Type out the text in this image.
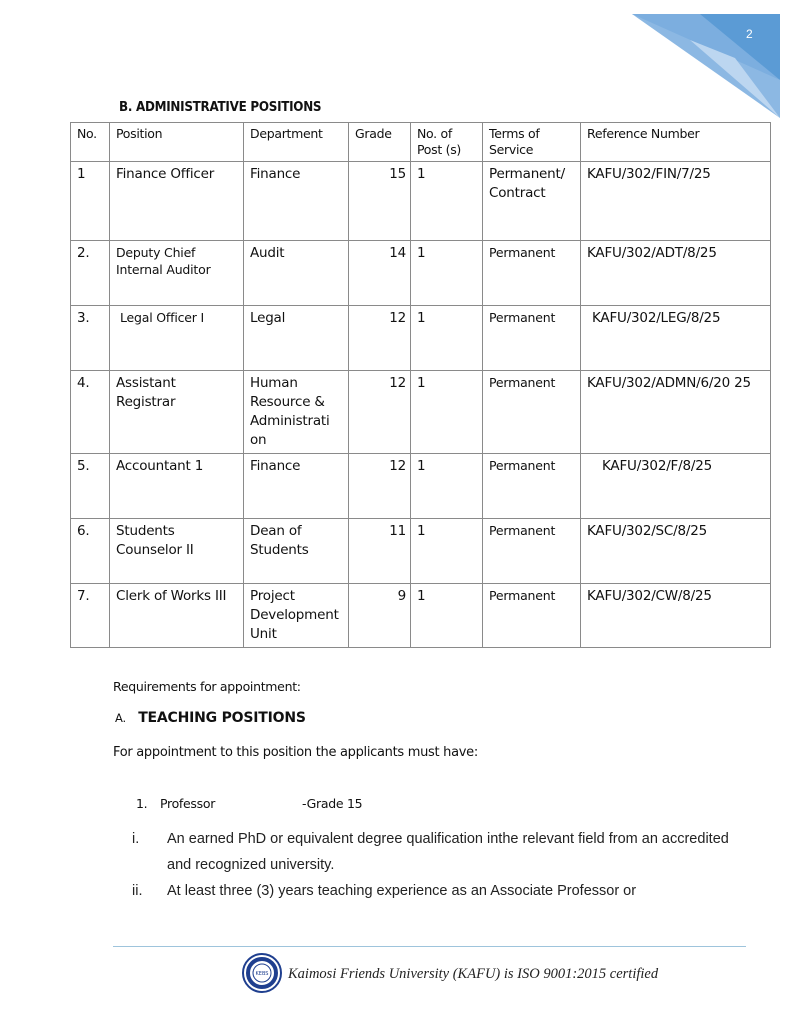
2
B. ADMINISTRATIVE POSITIONS
No.	Position	Department	Grade	No. of Post (s)	Terms of Service	Reference Number
1	Finance Officer	Finance	15	1	Permanent/ Contract	KAFU/302/FIN/7/25
2.	Deputy Chief Internal Auditor	Audit	14	1	Permanent	KAFU/302/ADT/8/25
3.	Legal Officer I	Legal	12	1	Permanent	KAFU/302/LEG/8/25
4.	Assistant Registrar	Human Resource & Administrati on	12	1	Permanent	KAFU/302/ADMN/6/20 25
5.	Accountant 1	Finance	12	1	Permanent	KAFU/302/F/8/25
6.	Students Counselor II	Dean of Students	11	1	Permanent	KAFU/302/SC/8/25
7.	Clerk of Works III	Project Development Unit	9	1	Permanent	KAFU/302/CW/8/25
Requirements for appointment:
A. TEACHING POSITIONS
For appointment to this position the applicants must have:
1. Professor	-Grade 15
i.	An earned PhD or equivalent degree qualification inthe relevant field from an accredited and recognized university.
ii.	At least three (3) years teaching experience as an Associate Professor or
KEBS Kaimosi Friends University (KAFU) is ISO 9001:2015 certified
